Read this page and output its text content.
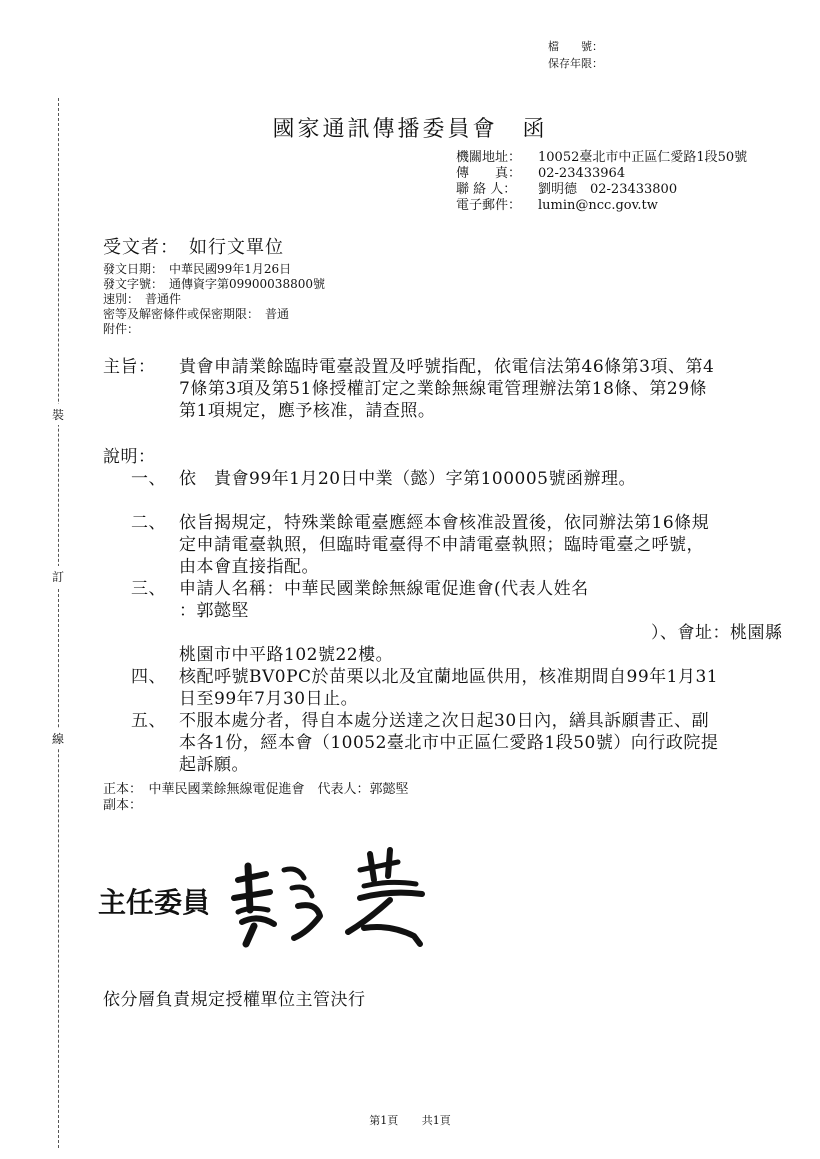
檔　　號：
保存年限：
裝
訂
線
國家通訊傳播委員會　函
機關地址：	10052臺北市中正區仁愛路1段50號
傳　　真：	02-23433964
聯 絡 人：	劉明德　02-23433800
電子郵件：	lumin@ncc.gov.tw
受文者：　如行文單位
發文日期：　中華民國99年1月26日
發文字號：　通傳資字第09900038800號
速別：　普通件
密等及解密條件或保密期限：　普通
附件：
主旨： 貴會申請業餘臨時電臺設置及呼號指配，依電信法第46條第3項、第47條第3項及第51條授權訂定之業餘無線電管理辦法第18條、第29條第1項規定，應予核准，請查照。
說明：
一、 依　貴會99年1月20日中業（懿）字第100005號函辦理。
二、 依旨揭規定，特殊業餘電臺應經本會核准設置後，依同辦法第16條規定申請電臺執照，但臨時電臺得不申請電臺執照；臨時電臺之呼號，由本會直接指配。
三、 申請人名稱：中華民國業餘無線電促進會(代表人姓名
：郭懿堅
）、會址：桃園縣
桃園市中平路102號22樓。
四、 核配呼號BV0PC於苗栗以北及宜蘭地區供用，核准期間自99年1月31日至99年7月30日止。
五、 不服本處分者，得自本處分送達之次日起30日內，繕具訴願書正、副本各1份，經本會（10052臺北市中正區仁愛路1段50號）向行政院提起訴願。
正本：　中華民國業餘無線電促進會　代表人：郭懿堅
副本：
主任委員
依分層負責規定授權單位主管決行
第1頁 共1頁
